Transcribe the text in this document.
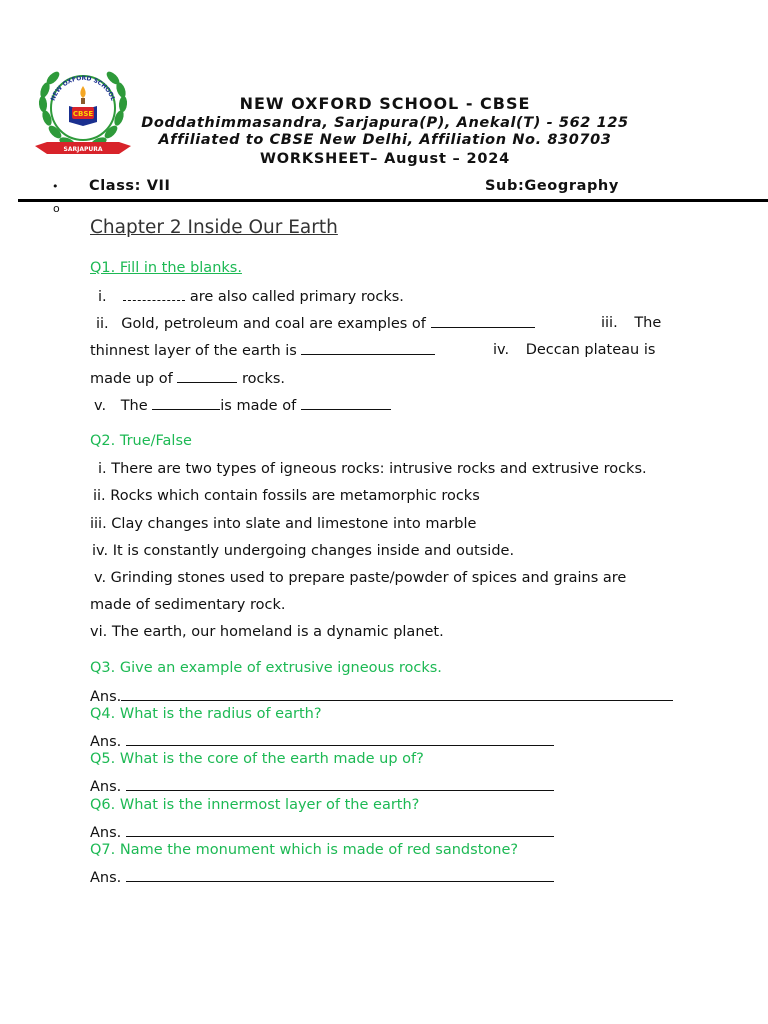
NEW OXFORD SCHOOL
CBSE
SARJAPURA
NEW OXFORD SCHOOL - CBSE
Doddathimmasandra, Sarjapura(P), Anekal(T) - 562 125
Affiliated to CBSE New Delhi, Affiliation No. 830703
WORKSHEET– August – 2024
•
o
Class: VII	Sub:Geography
Chapter 2 Inside Our Earth
Q1. Fill in the blanks.
i.	are also called primary rocks.
ii. Gold, petroleum and coal are examples of	iii. The
thinnest layer of the earth is	iv. Deccan plateau is
made up of	rocks.
v. The	is made of
Q2. True/False
i. There are two types of igneous rocks: intrusive rocks and extrusive rocks.
ii. Rocks which contain fossils are metamorphic rocks
iii. Clay changes into slate and limestone into marble
iv. It is constantly undergoing changes inside and outside.
v. Grinding stones used to prepare paste/powder of spices and grains are
made of sedimentary rock.
vi. The earth, our homeland is a dynamic planet.
Q3. Give an example of extrusive igneous rocks.
Ans.
Q4. What is the radius of earth?
Ans.
Q5. What is the core of the earth made up of?
Ans.
Q6. What is the innermost layer of the earth?
Ans.
Q7. Name the monument which is made of red sandstone?
Ans.
